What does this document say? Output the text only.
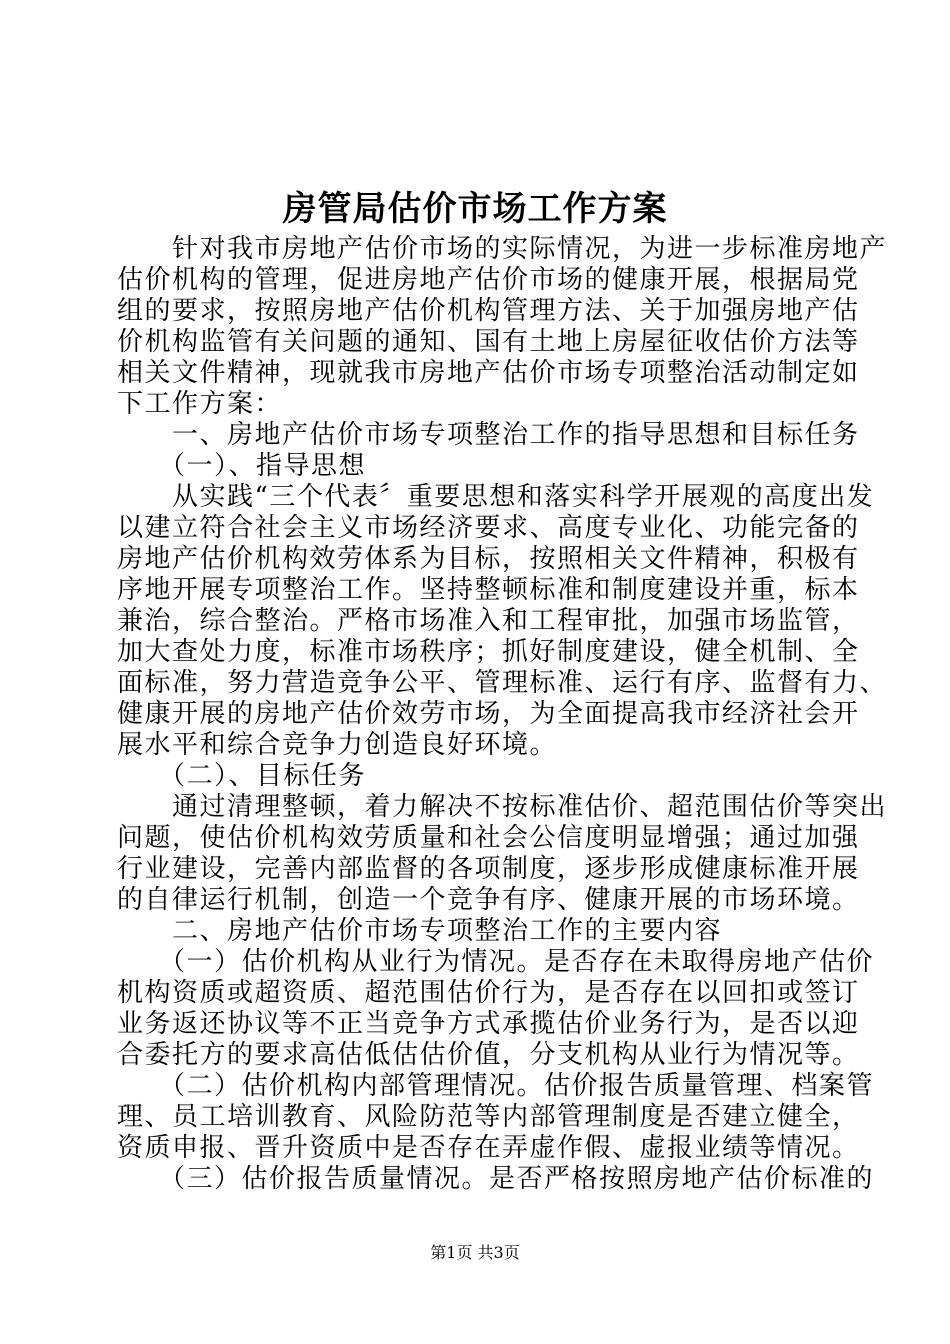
房管局估价市场工作方案
　　针对我市房地产估价市场的实际情况，为进一步标准房地产
估价机构的管理，促进房地产估价市场的健康开展，根据局党
组的要求，按照房地产估价机构管理方法、关于加强房地产估
价机构监管有关问题的通知、国有土地上房屋征收估价方法等
相关文件精神，现就我市房地产估价市场专项整治活动制定如
下工作方案：
　　一、房地产估价市场专项整治工作的指导思想和目标任务
　　（一）、指导思想
　　从实践“三个代表〞重要思想和落实科学开展观的高度出发
以建立符合社会主义市场经济要求、高度专业化、功能完备的
房地产估价机构效劳体系为目标，按照相关文件精神，积极有
序地开展专项整治工作。坚持整顿标准和制度建设并重，标本
兼治，综合整治。严格市场准入和工程审批，加强市场监管，
加大查处力度，标准市场秩序；抓好制度建设，健全机制、全
面标准，努力营造竞争公平、管理标准、运行有序、监督有力、
健康开展的房地产估价效劳市场，为全面提高我市经济社会开
展水平和综合竞争力创造良好环境。
　　（二）、目标任务
　　通过清理整顿，着力解决不按标准估价、超范围估价等突出
问题，使估价机构效劳质量和社会公信度明显增强；通过加强
行业建设，完善内部监督的各项制度，逐步形成健康标准开展
的自律运行机制，创造一个竞争有序、健康开展的市场环境。
　　二、房地产估价市场专项整治工作的主要内容
　　（一）估价机构从业行为情况。是否存在未取得房地产估价
机构资质或超资质、超范围估价行为，是否存在以回扣或签订
业务返还协议等不正当竞争方式承揽估价业务行为，是否以迎
合委托方的要求高估低估估价值，分支机构从业行为情况等。
　　（二）估价机构内部管理情况。估价报告质量管理、档案管
理、员工培训教育、风险防范等内部管理制度是否建立健全，
资质申报、晋升资质中是否存在弄虚作假、虚报业绩等情况。
　　（三）估价报告质量情况。是否严格按照房地产估价标准的
第1页 共3页
